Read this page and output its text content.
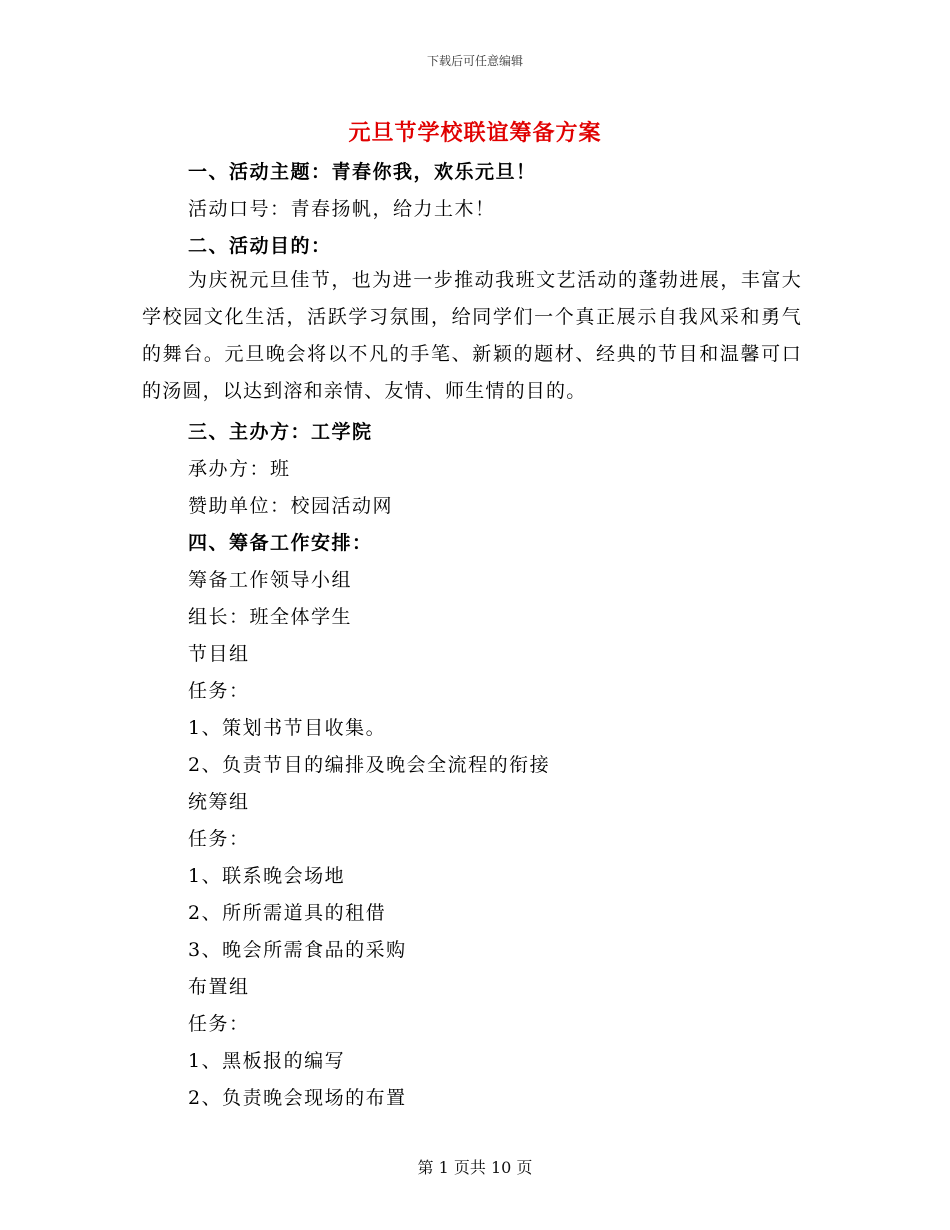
下载后可任意编辑
元旦节学校联谊筹备方案
一、活动主题：青春你我，欢乐元旦！
活动口号：青春扬帆，给力土木！
二、活动目的：
为庆祝元旦佳节，也为进一步推动我班文艺活动的蓬勃进展，丰富大学校园文化生活，活跃学习氛围，给同学们一个真正展示自我风采和勇气的舞台。元旦晚会将以不凡的手笔、新颖的题材、经典的节目和温馨可口的汤圆，以达到溶和亲情、友情、师生情的目的。
三、主办方：工学院
承办方：班
赞助单位：校园活动网
四、筹备工作安排：
筹备工作领导小组
组长：班全体学生
节目组
任务：
1、策划书节目收集。
2、负责节目的编排及晚会全流程的衔接
统筹组
任务：
1、联系晚会场地
2、所所需道具的租借
3、晚会所需食品的采购
布置组
任务：
1、黑板报的编写
2、负责晚会现场的布置
第 1 页共 10 页
